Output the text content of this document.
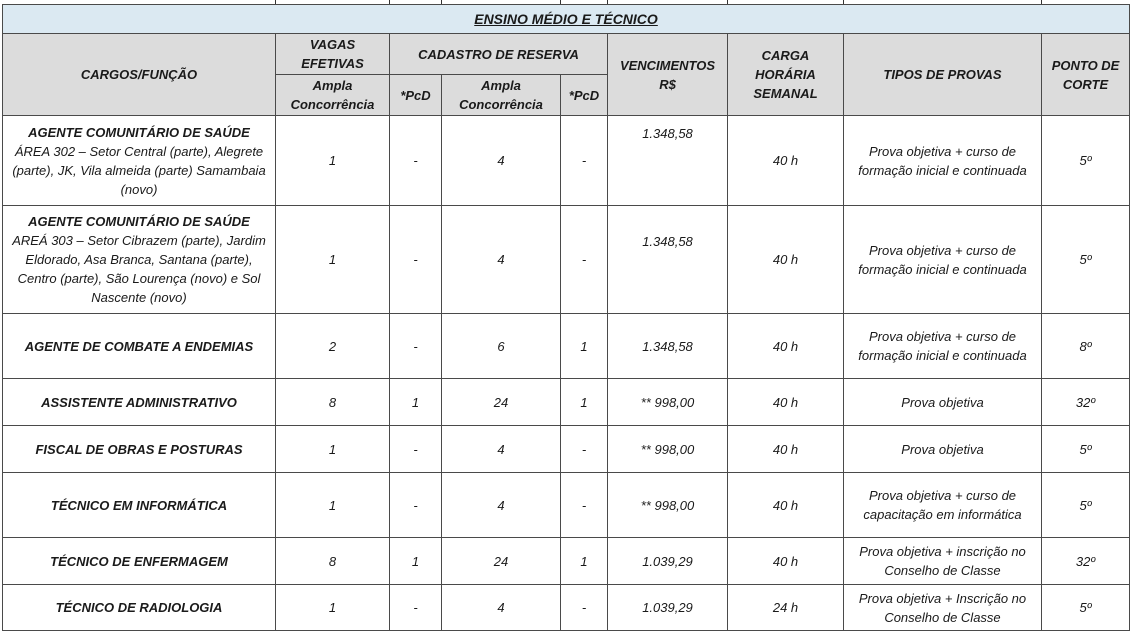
ENSINO MÉDIO E TÉCNICO								
CARGOS/FUNÇÃO	VAGAS EFETIVAS	CADASTRO DE RESERVA			VENCIMENTOS R$	CARGA HORÁRIA SEMANAL	TIPOS DE PROVAS	PONTO DE CORTE
	Ampla Concorrência	*PcD	Ampla Concorrência	*PcD				

AGENTE COMUNITÁRIO DE SAÚDE
ÁREA 302 – Setor Central (parte), Alegrete (parte), JK, Vila almeida (parte) Samambaia (novo)	1	-	4	-	1.348,58	40 h	Prova objetiva + curso de formação inicial e continuada	5º

AGENTE COMUNITÁRIO DE SAÚDE
AREÁ 303 – Setor Cibrazem (parte), Jardim Eldorado, Asa Branca, Santana (parte), Centro (parte), São Lourença (novo) e Sol Nascente (novo)	1	-	4	-	1.348,58	40 h	Prova objetiva + curso de formação inicial e continuada	5º
AGENTE DE COMBATE A ENDEMIAS	2	-	6	1	1.348,58	40 h	Prova objetiva + curso de formação inicial e continuada	8º
ASSISTENTE ADMINISTRATIVO	8	1	24	1	** 998,00	40 h	Prova objetiva	32º
FISCAL DE OBRAS E POSTURAS	1	-	4	-	** 998,00	40 h	Prova objetiva	5º
TÉCNICO EM INFORMÁTICA	1	-	4	-	** 998,00	40 h	Prova objetiva + curso de capacitação em informática	5º
TÉCNICO DE ENFERMAGEM	8	1	24	1	1.039,29	40 h	Prova objetiva + inscrição no Conselho de Classe	32º
TÉCNICO DE RADIOLOGIA	1	-	4	-	1.039,29	24 h	Prova objetiva + Inscrição no Conselho de Classe	5º
